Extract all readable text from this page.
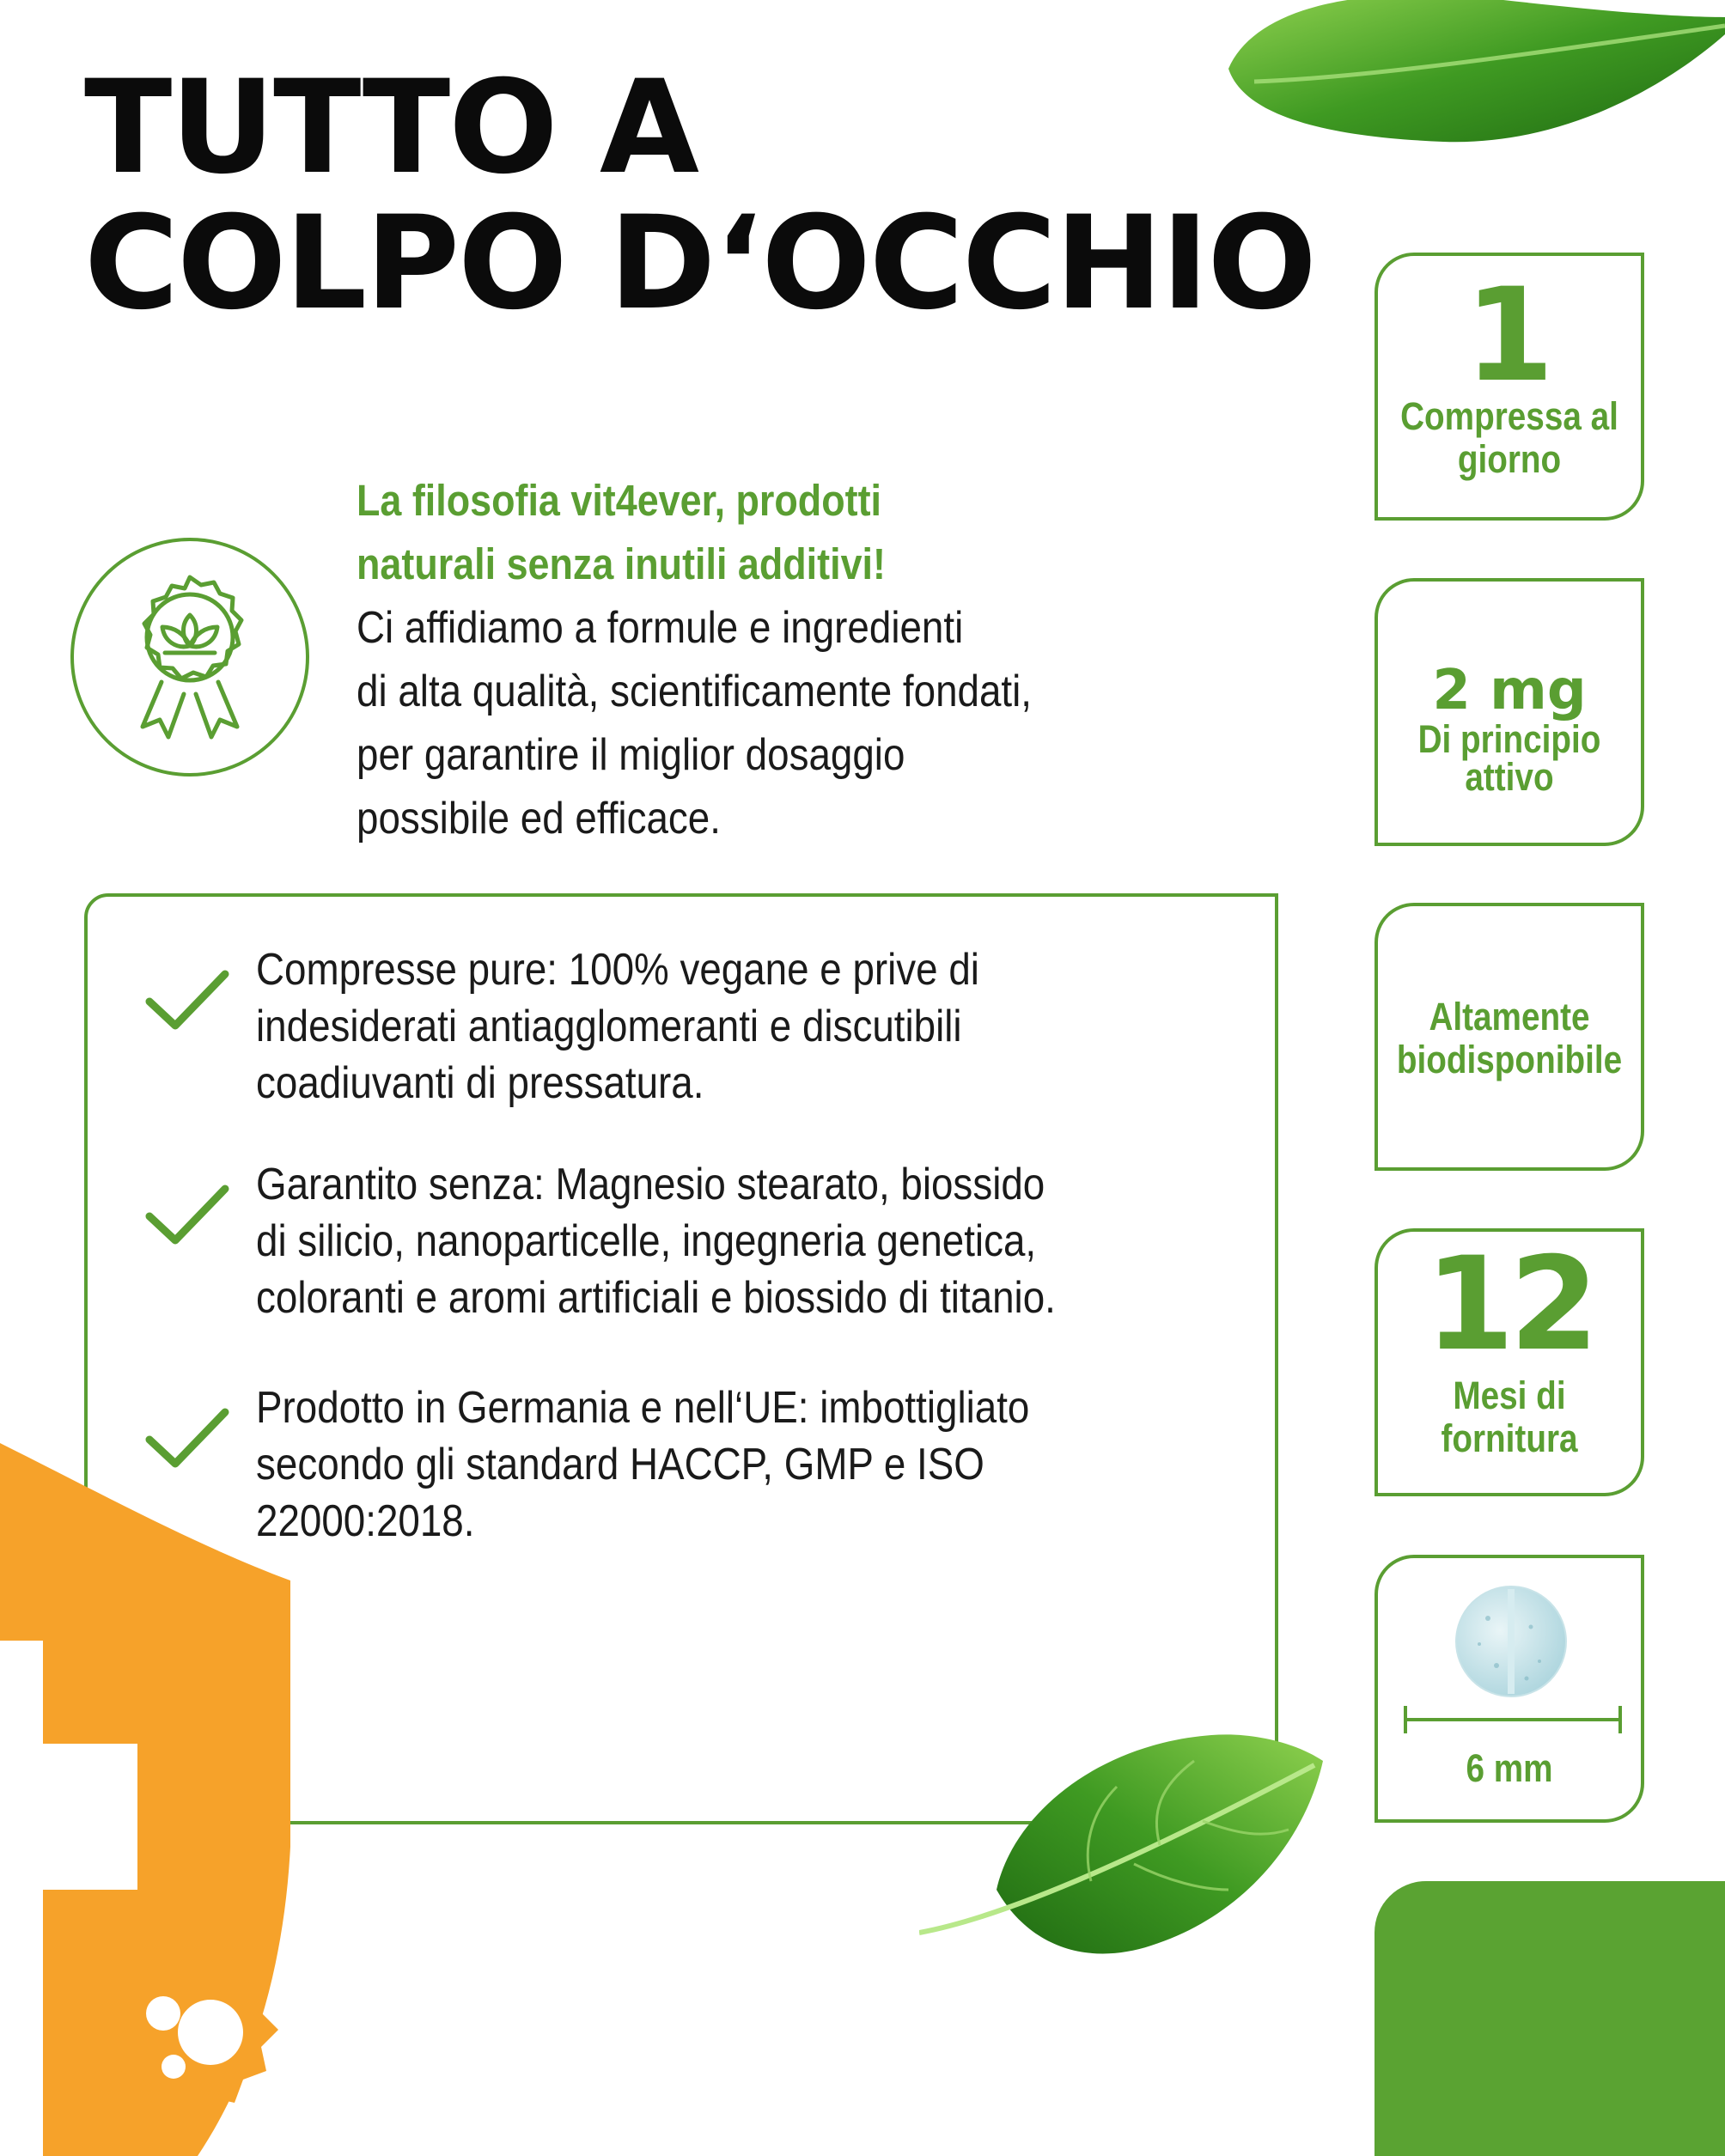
TUTTO A
COLPO D‘OCCHIO
La filosofia vit4ever, prodotti
naturali senza inutili additivi!
Ci affidiamo a formule e ingredienti
di alta qualità, scientificamente fondati,
per garantire il miglior dosaggio
possibile ed efficace.
Compresse pure: 100% vegane e prive di
indesiderati antiagglomeranti e discutibili
coadiuvanti di pressatura.
Garantito senza: Magnesio stearato, biossido
di silicio, nanoparticelle, ingegneria genetica,
coloranti e aromi artificiali e biossido di titanio.
Prodotto in Germania e nell‘UE: imbottigliato
secondo gli standard HACCP, GMP e ISO
22000:2018.
1
Compressa al
giorno
2 mg
Di principio
attivo
Altamente
biodisponibile
12
Mesi di
fornitura
6 mm
